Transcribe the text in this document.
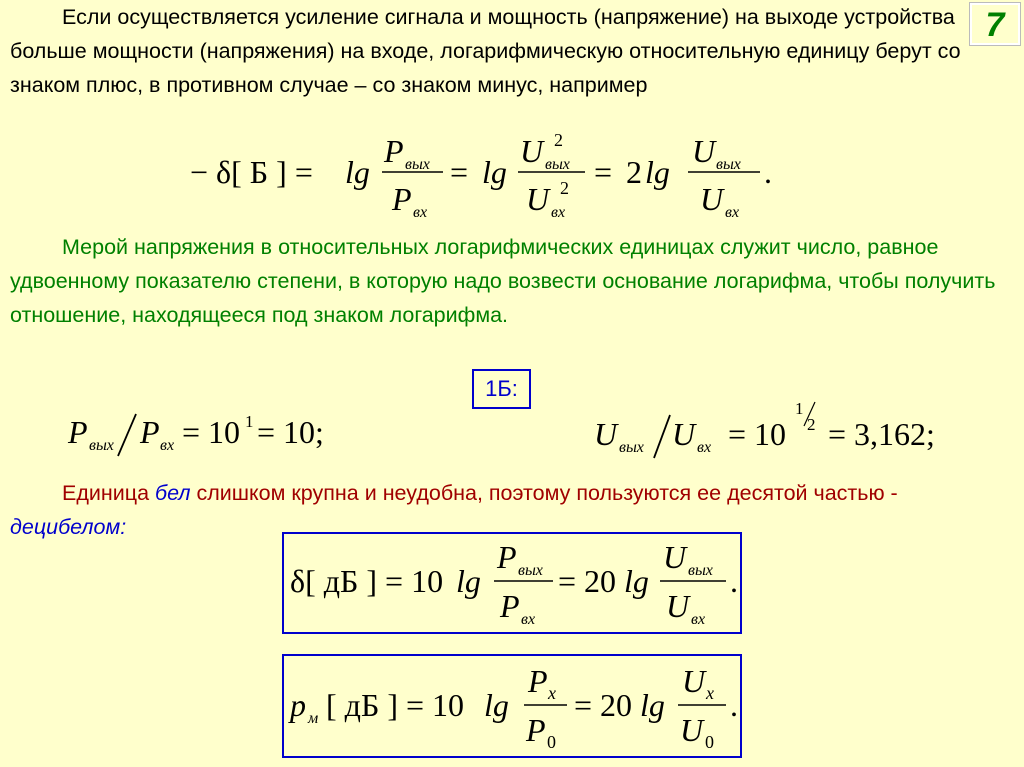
7

Если осуществляется усиление сигнала и мощность (напряжение) на выходе устройства больше мощности (напряжения) на входе, логарифмическую относительную единицу берут со знаком плюс, в противном случае – со знаком минус, например

Мерой напряжения в относительных логарифмических единицах служит число, равное удвоенному показателю степени, в которую надо возвести основание логарифма, чтобы получить отношение, находящееся под знаком логарифма.

1Б:

Единица бел слишком крупна и неудобна, поэтому пользуются ее десятой частью - децибелом:

− δ[ Б ] = lg
P вых
P вх
= lg
U вых
2
U вх
2 = 2 lg
U вых
U вх
.
P вых P вх = 10 1 = 10;	U вых U вх = 10
1
2 = 3,162;
δ[ дБ ] = 10 lg
P вых
P вх
= 20 lg
U вых
U вх
.
p м [ дБ ] = 10 lg
P x
P 0
= 20 lg
U x
U 0
.
